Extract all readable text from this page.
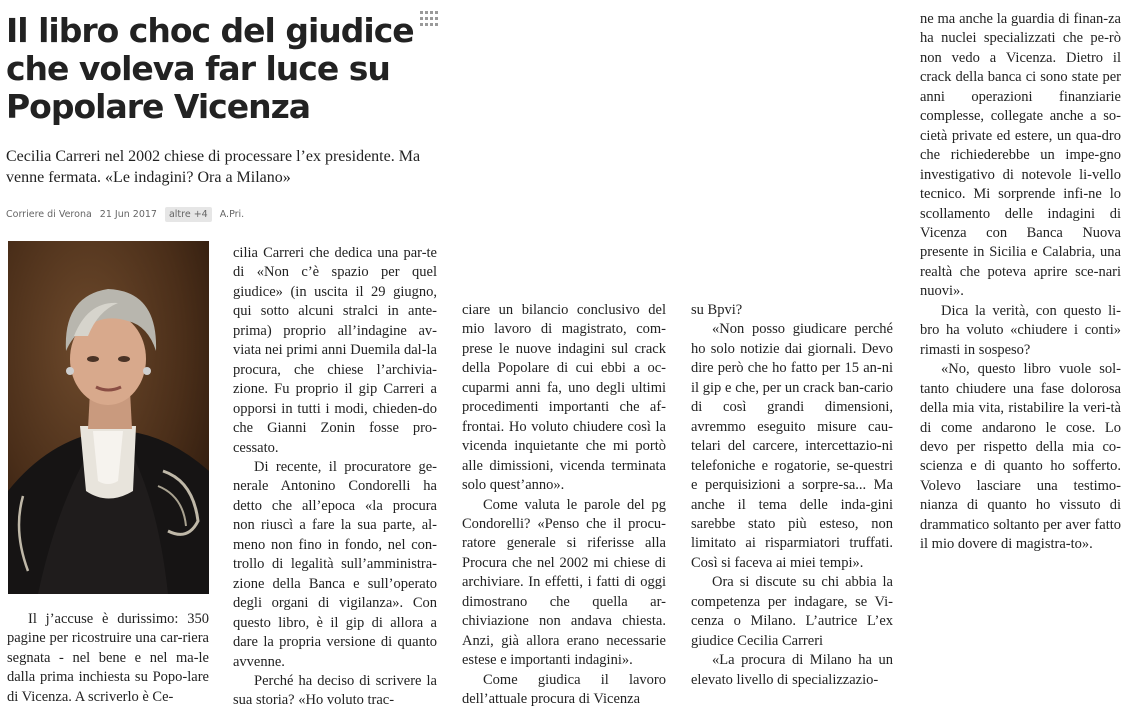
Il libro choc del giudice che voleva far luce su Popolare Vicenza

Cecilia Carreri nel 2002 chiese di processare l’ex presidente. Ma venne fermata. «Le indagini? Ora a Milano»

Corriere di Verona 21 Jun 2017	altre +4	A.Pri.

Il j’accuse è durissimo: 350 pagine per ricostruire una car-riera segnata - nel bene e nel ma-le dalla prima inchiesta su Popo-lare di Vicenza. A scriverlo è Ce-

cilia Carreri che dedica una par-te di «Non c’è spazio per quel giudice» (in uscita il 29 giugno, qui sotto alcuni stralci in ante-prima) proprio all’indagine av-viata nei primi anni Duemila dal-la procura, che chiese l’archivia-zione. Fu proprio il gip Carreri a opporsi in tutti i modi, chieden-do che Gianni Zonin fosse pro-cessato.

Di recente, il procuratore ge-nerale Antonino Condorelli ha detto che all’epoca «la procura non riuscì a fare la sua parte, al-meno non fino in fondo, nel con-trollo di legalità sull’amministra-zione della Banca e sull’operato degli organi di vigilanza». Con questo libro, è il gip di allora a dare la propria versione di quanto avvenne.

Perché ha deciso di scrivere la sua storia? «Ho voluto trac-

ciare un bilancio conclusivo del mio lavoro di magistrato, com-prese le nuove indagini sul crack della Popolare di cui ebbi a oc-cuparmi anni fa, uno degli ultimi procedimenti importanti che af-frontai. Ho voluto chiudere così la vicenda inquietante che mi portò alle dimissioni, vicenda terminata solo quest’anno».

Come valuta le parole del pg Condorelli? «Penso che il procu-ratore generale si riferisse alla Procura che nel 2002 mi chiese di archiviare. In effetti, i fatti di oggi dimostrano che quella ar-chiviazione non andava chiesta. Anzi, già allora erano necessarie estese e importanti indagini».

Come giudica il lavoro dell’attuale procura di Vicenza

su Bpvi?

«Non posso giudicare perché ho solo notizie dai giornali. Devo dire però che ho fatto per 15 an-ni il gip e che, per un crack ban-cario di così grandi dimensioni, avremmo eseguito misure cau-telari del carcere, intercettazio-ni telefoniche e rogatorie, se-questri e perquisizioni a sorpre-sa... Ma anche il tema delle inda-gini sarebbe stato più esteso, non limitato ai risparmiatori truffati. Così si faceva ai miei tempi».

Ora si discute su chi abbia la competenza per indagare, se Vi-cenza o Milano. L’autrice L’ex giudice Cecilia Carreri

«La procura di Milano ha un elevato livello di specializzazio-

ne ma anche la guardia di finan-za ha nuclei specializzati che pe-rò non vedo a Vicenza. Dietro il crack della banca ci sono state per anni operazioni finanziarie complesse, collegate anche a so-cietà private ed estere, un qua-dro che richiederebbe un impe-gno investigativo di notevole li-vello tecnico. Mi sorprende infi-ne lo scollamento delle indagini di Vicenza con Banca Nuova presente in Sicilia e Calabria, una realtà che poteva aprire sce-nari nuovi».

Dica la verità, con questo li-bro ha voluto «chiudere i conti» rimasti in sospeso?

«No, questo libro vuole sol-tanto chiudere una fase dolorosa della mia vita, ristabilire la veri-tà di come andarono le cose. Lo devo per rispetto della mia co-scienza e di quanto ho sofferto. Volevo lasciare una testimo-nianza di quanto ho vissuto di drammatico soltanto per aver fatto il mio dovere di magistra-to».
